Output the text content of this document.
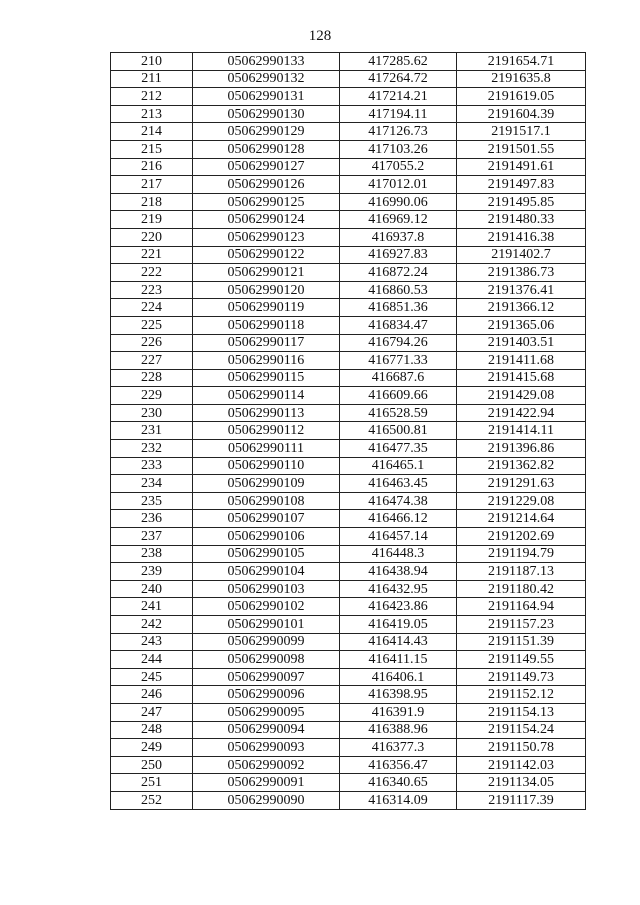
128
210	05062990133	417285.62	2191654.71
211	05062990132	417264.72	2191635.8
212	05062990131	417214.21	2191619.05
213	05062990130	417194.11	2191604.39
214	05062990129	417126.73	2191517.1
215	05062990128	417103.26	2191501.55
216	05062990127	417055.2	2191491.61
217	05062990126	417012.01	2191497.83
218	05062990125	416990.06	2191495.85
219	05062990124	416969.12	2191480.33
220	05062990123	416937.8	2191416.38
221	05062990122	416927.83	2191402.7
222	05062990121	416872.24	2191386.73
223	05062990120	416860.53	2191376.41
224	05062990119	416851.36	2191366.12
225	05062990118	416834.47	2191365.06
226	05062990117	416794.26	2191403.51
227	05062990116	416771.33	2191411.68
228	05062990115	416687.6	2191415.68
229	05062990114	416609.66	2191429.08
230	05062990113	416528.59	2191422.94
231	05062990112	416500.81	2191414.11
232	05062990111	416477.35	2191396.86
233	05062990110	416465.1	2191362.82
234	05062990109	416463.45	2191291.63
235	05062990108	416474.38	2191229.08
236	05062990107	416466.12	2191214.64
237	05062990106	416457.14	2191202.69
238	05062990105	416448.3	2191194.79
239	05062990104	416438.94	2191187.13
240	05062990103	416432.95	2191180.42
241	05062990102	416423.86	2191164.94
242	05062990101	416419.05	2191157.23
243	05062990099	416414.43	2191151.39
244	05062990098	416411.15	2191149.55
245	05062990097	416406.1	2191149.73
246	05062990096	416398.95	2191152.12
247	05062990095	416391.9	2191154.13
248	05062990094	416388.96	2191154.24
249	05062990093	416377.3	2191150.78
250	05062990092	416356.47	2191142.03
251	05062990091	416340.65	2191134.05
252	05062990090	416314.09	2191117.39
